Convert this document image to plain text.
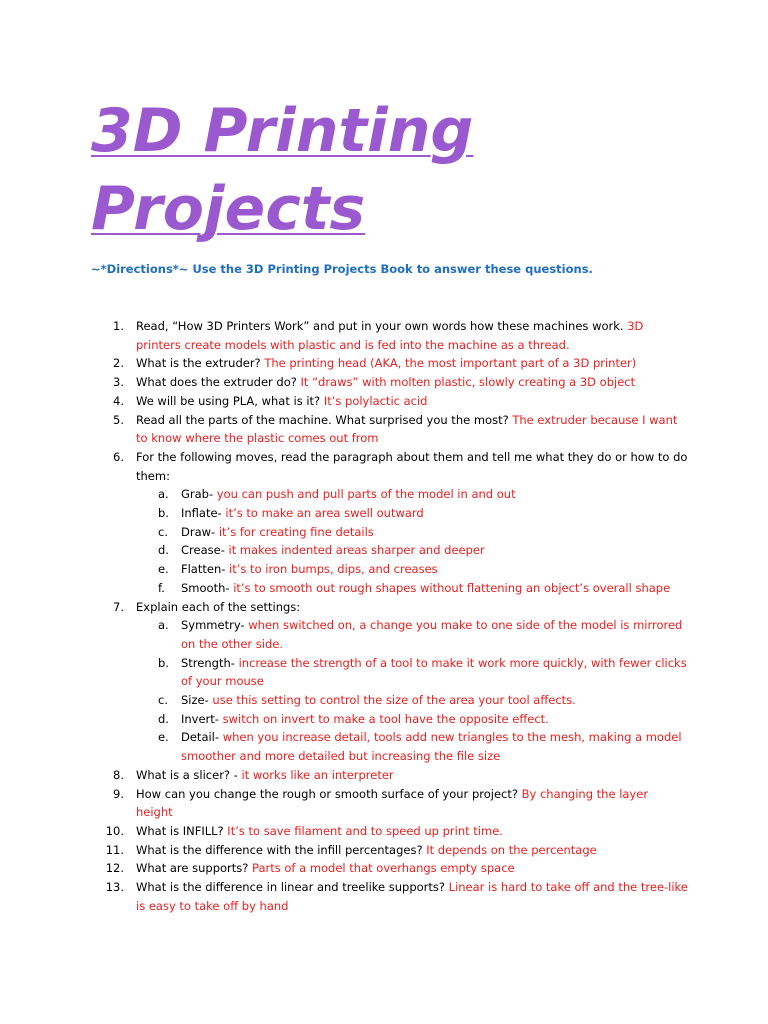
3D Printing
Projects

~*Directions*~ Use the 3D Printing Projects Book to answer these questions.

1. Read, “How 3D Printers Work” and put in your own words how these machines work. 3D printers create models with plastic and is fed into the machine as a thread.
2. What is the extruder? The printing head (AKA, the most important part of a 3D printer)
3. What does the extruder do? It “draws” with molten plastic, slowly creating a 3D object
4. We will be using PLA, what is it? It’s polylactic acid
5. Read all the parts of the machine. What surprised you the most? The extruder because I want to know where the plastic comes out from
6. For the following moves, read the paragraph about them and tell me what they do or how to do them:
a. Grab- you can push and pull parts of the model in and out
b. Inflate- it’s to make an area swell outward
c. Draw- it’s for creating fine details
d. Crease- it makes indented areas sharper and deeper
e. Flatten- it’s to iron bumps, dips, and creases
f. Smooth- it’s to smooth out rough shapes without flattening an object’s overall shape
7. Explain each of the settings:
a. Symmetry- when switched on, a change you make to one side of the model is mirrored on the other side.
b. Strength- increase the strength of a tool to make it work more quickly, with fewer clicks of your mouse
c. Size- use this setting to control the size of the area your tool affects.
d. Invert- switch on invert to make a tool have the opposite effect.
e. Detail- when you increase detail, tools add new triangles to the mesh, making a model smoother and more detailed but increasing the file size
8. What is a slicer? - it works like an interpreter
9. How can you change the rough or smooth surface of your project? By changing the layer height
10. What is INFILL? It’s to save filament and to speed up print time.
11. What is the difference with the infill percentages? It depends on the percentage
12. What are supports? Parts of a model that overhangs empty space
13. What is the difference in linear and treelike supports? Linear is hard to take off and the tree-like is easy to take off by hand
